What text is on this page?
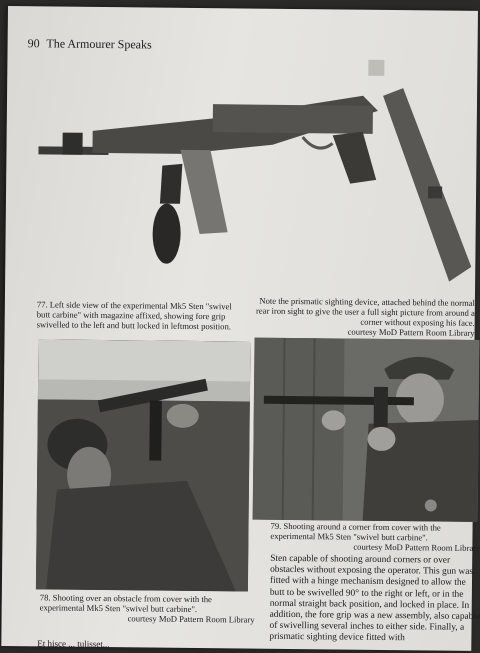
90 The Armourer Speaks
77. Left side view of the experimental Mk5 Sten "swivel butt carbine" with magazine affixed, showing fore grip swivelled to the left and butt locked in leftmost position.
Note the prismatic sighting device, attached behind the normal rear iron sight to give the user a full sight picture from around a corner without exposing his face.
courtesy MoD Pattern Room Library
78. Shooting over an obstacle from cover with the experimental Mk5 Sten "swivel butt carbine".
courtesy MoD Pattern Room Library
79. Shooting around a corner from cover with the experimental Mk5 Sten "swivel butt carbine".
courtesy MoD Pattern Room Library
Sten capable of shooting around corners or over obstacles without exposing the operator. This gun was fitted with a hinge mechanism designed to allow the butt to be swivelled 90° to the right or left, or in the normal straight back position, and locked in place. In addition, the fore grip was a new assembly, also capable of swivelling several inches to either side. Finally, a prismatic sighting device fitted with
Et hisce ... tulisset...
